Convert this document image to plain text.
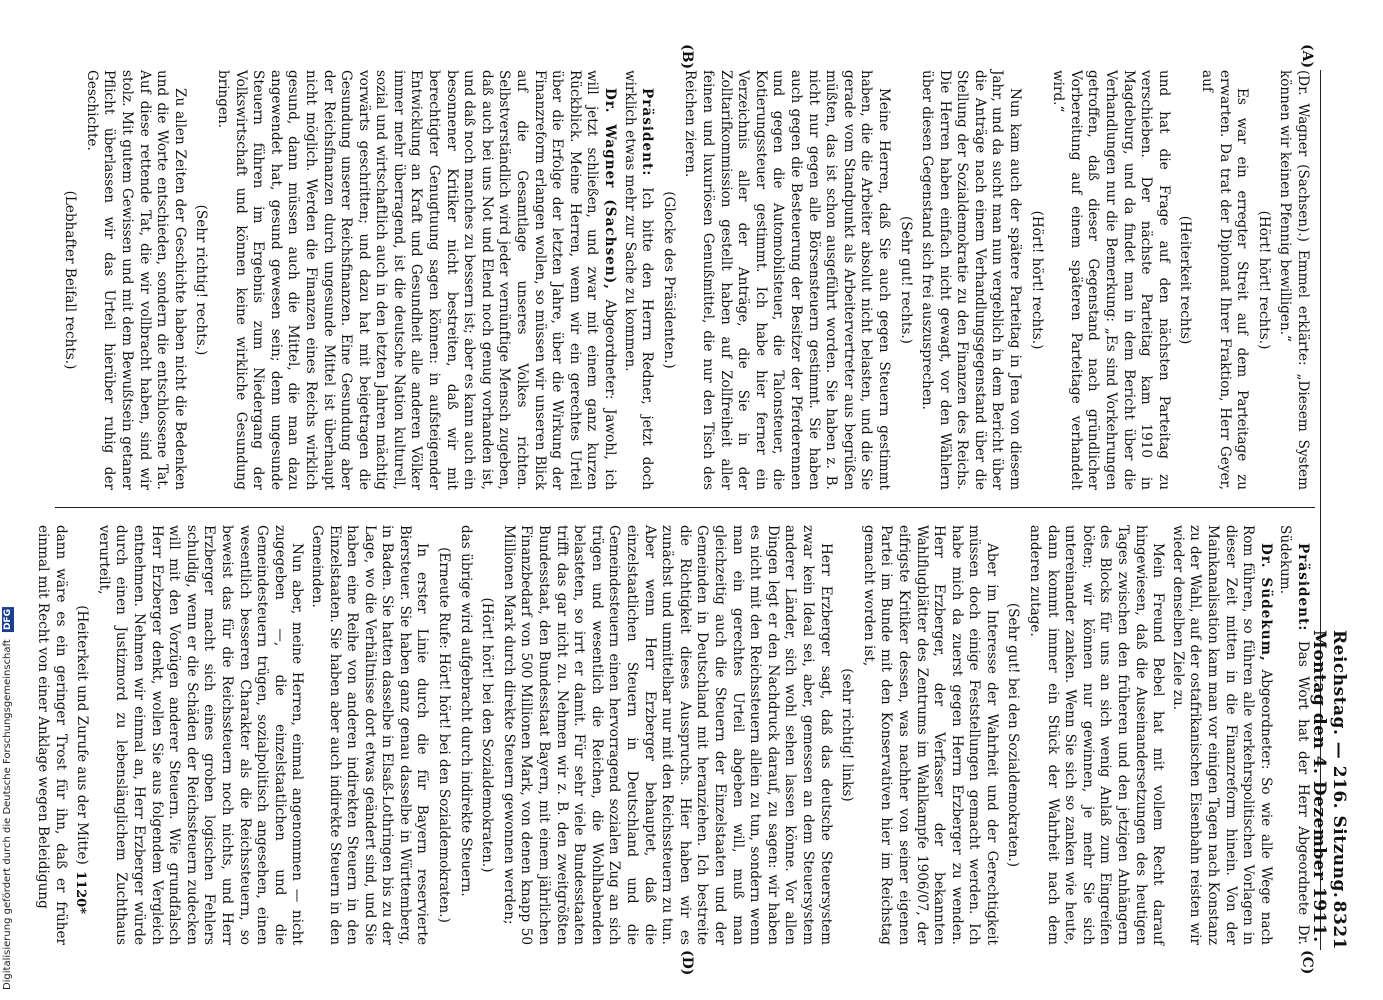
Reichstag. — 216. Sitzung. Montag den 4. Dezember 1911. 8321
(A)
(B)
(C)
(D)

(Dr. Wagner (Sachsen).) Emmel erklärte: „Diesem System können wir keinen Pfennig bewilligen.“

(Hört! hört! rechts.)

Es war ein erregter Streit auf dem Parteitage zu erwarten. Da trat der Diplomat Ihrer Fraktion, Herr Geyer, auf

(Heiterkeit rechts)

und hat die Frage auf den nächsten Parteitag zu verschieben. Der nächste Parteitag kam 1910 in Magdeburg, und da findet man in dem Bericht über die Verhandlungen nur die Bemerkung: „Es sind Vorkehrungen getroffen, daß dieser Gegenstand nach gründlicher Vorbereitung auf einem späteren Parteitage verhandelt wird.“

(Hört! hört! rechts.)

Nun kam auch der spätere Parteitag in Jena von diesem Jahr, und da sucht man nun vergeblich in dem Bericht über die Anträge nach einem Verhandlungsgegenstand über die Stellung der Sozialdemokratie zu den Finanzen des Reichs. Die Herren haben einfach nicht gewagt, vor den Wählern über diesen Gegenstand sich frei auszusprechen.

(Sehr gut! rechts.)

Meine Herren, daß Sie auch gegen Steuern gestimmt haben, die die Arbeiter absolut nicht belasten, und die Sie gerade vom Standpunkt als Arbeitervertreter aus begrüßen müßten, das ist schon ausgeführt worden. Sie haben z. B. nicht nur gegen alle Börsensteuern gestimmt. Sie haben auch gegen die Besteuerung der Besitzer der Pferderennen und gegen die Automobilsteuer, die Talonsteuer, die Kotierungssteuer gestimmt. Ich habe hier ferner ein Verzeichnis aller der Anträge, die Sie in der Zolltarifkommission gestellt haben auf Zollfreiheit aller feinen und luxuriösen Genußmittel, die nur den Tisch des Reichen zieren.

(Glocke des Präsidenten.)

Präsident: Ich bitte den Herrn Redner, jetzt doch wirklich etwas mehr zur Sache zu kommen.

Dr. Wagner (Sachsen), Abgeordneter: Jawohl, ich will jetzt schließen, und zwar mit einem ganz kurzen Rückblick. Meine Herren, wenn wir ein gerechtes Urteil über die Erfolge der letzten Jahre, über die Wirkung der Finanzreform erlangen wollen, so müssen wir unseren Blick auf die Gesamtlage unseres Volkes richten. Selbstverständlich wird jeder vernünftige Mensch zugeben, daß auch bei uns Not und Elend noch genug vorhanden ist, und daß noch manches zu bessern ist; aber es kann auch ein besonnener Kritiker nicht bestreiten, daß wir mit berechtigter Genugtuung sagen können: in aufsteigender Entwicklung an Kraft und Gesundheit alle anderen Völker immer mehr überragend, ist die deutsche Nation kulturell, sozial und wirtschaftlich auch in den letzten Jahren mächtig vorwärts geschritten; und dazu hat mit beigetragen die Gesundung unserer Reichsfinanzen. Eine Gesundung aber der Reichsfinanzen durch ungesunde Mittel ist überhaupt nicht möglich. Werden die Finanzen eines Reichs wirklich gesund, dann müssen auch die Mittel, die man dazu angewendet hat, gesund gewesen sein; denn ungesunde Steuern führen im Ergebnis zum Niedergang der Volkswirtschaft und können keine wirkliche Gesundung bringen.

(Sehr richtig! rechts.)

Zu allen Zeiten der Geschichte haben nicht die Bedenken und die Worte entschieden, sondern die entschlossene Tat. Auf diese rettende Tat, die wir vollbracht haben, sind wir stolz. Mit gutem Gewissen und mit dem Bewußtsein getaner Pflicht überlassen wir das Urteil hierüber ruhig der Geschichte.

(Lebhafter Beifall rechts.)

Präsident: Das Wort hat der Herr Abgeordnete Dr. Südekum.

Dr. Südekum, Abgeordneter: So wie alle Wege nach Rom führen, so führen alle verkehrspolitischen Vorlagen in dieser Zeit mitten in die Finanzreform hinein. Von der Mainkanalisation kam man vor einigen Tagen nach Konstanz zu der Wahl, auf der ostafrikanischen Eisenbahn reisten wir wieder denselben Ziele zu.

Mein Freund Bebel hat mit vollem Recht darauf hingewiesen, daß die Auseinandersetzungen des heutigen Tages zwischen den früheren und den jetzigen Anhängern des Blocks für uns an sich wenig Anlaß zum Eingreifen böten; wir können nur gewinnen, je mehr Sie sich untereinander zanken. Wenn Sie sich so zanken wie heute, dann kommt immer ein Stück der Wahrheit nach dem anderen zutage.

(Sehr gut! bei den Sozialdemokraten.)

Aber im Interesse der Wahrheit und der Gerechtigkeit müssen doch einige Feststellungen gemacht werden. Ich habe mich da zuerst gegen Herrn Erzberger zu wenden. Herr Erzberger, der Verfasser der bekannten Wahlflugblätter des Zentrums im Wahlkampfe 1906/07, der eifrigste Kritiker dessen, was nachher von seiner eigenen Partei im Bunde mit den Konservativen hier im Reichstag gemacht worden ist,

(sehr richtig! links)

Herr Erzberger sagt, daß das deutsche Steuersystem zwar kein Ideal sei, aber, gemessen an dem Steuersystem anderer Länder, sich wohl sehen lassen könne. Vor allen Dingen legt er den Nachdruck darauf, zu sagen: wir haben es nicht mit den Reichssteuern allein zu tun, sondern wenn man ein gerechtes Urteil abgeben will, muß man gleichzeitig auch die Steuern der Einzelstaaten und der Gemeinden in Deutschland mit heranziehen. Ich bestreite die Richtigkeit dieses Ausspruchs. Hier haben wir es zunächst und unmittelbar nur mit den Reichssteuern zu tun. Aber wenn Herr Erzberger behauptet, daß die einzelstaatlichen Steuern in Deutschland und die Gemeindesteuern einen hervorragend sozialen Zug an sich trügen und wesentlich die Reichen, die Wohlhabenden belasteten, so irrt er damit. Für sehr viele Bundesstaaten trifft das gar nicht zu. Nehmen wir z. B. den zweitgrößten Bundesstaat, den Bundesstaat Bayern, mit einem jährlichen Finanzbedarf von 500 Millionen Mark, von denen knapp 50 Millionen Mark durch direkte Steuern gewonnen werden;

(Hört! hört! bei den Sozialdemokraten.)

das übrige wird aufgebracht durch indirekte Steuern.

(Erneute Rufe: Hört! hört! bei den Sozialdemokraten.)

In erster Linie durch die für Bayern reservierte Biersteuer. Sie haben ganz genau dasselbe in Württemberg, in Baden. Sie hatten dasselbe in Elsaß-Lothringen bis zu der Lage, wo die Verhältnisse dort etwas geändert sind, und Sie haben eine Reihe von anderen indirekten Steuern in den Einzelstaaten. Sie haben aber auch indirekte Steuern in den Gemeinden.

Nun aber, meine Herren, einmal angenommen — nicht zugegeben —, die einzelstaatlichen und die Gemeindesteuern trügen, sozialpolitisch angesehen, einen wesentlich besseren Charakter als die Reichssteuern, so beweist das für die Reichssteuern noch nichts, und Herr Erzberger macht sich eines groben logischen Fehlers schuldig, wenn er die Schäden der Reichssteuern zudecken will mit den Vorzügen anderer Steuern. Wie grundfalsch Herr Erzberger denkt, wollen Sie aus folgendem Vergleich entnehmen. Nehmen wir einmal an, Herr Erzberger würde durch einen Justizmord zu lebenslänglichem Zuchthaus verurteilt,

(Heiterkeit und Zurufe aus der Mitte)

dann wäre es ein geringer Trost für ihn, daß er früher einmal mit Recht von einer Anklage wegen Beleidigung	1120*
Digitalisierung gefördert durch die Deutsche Forschungsgemeinschaft DFG
